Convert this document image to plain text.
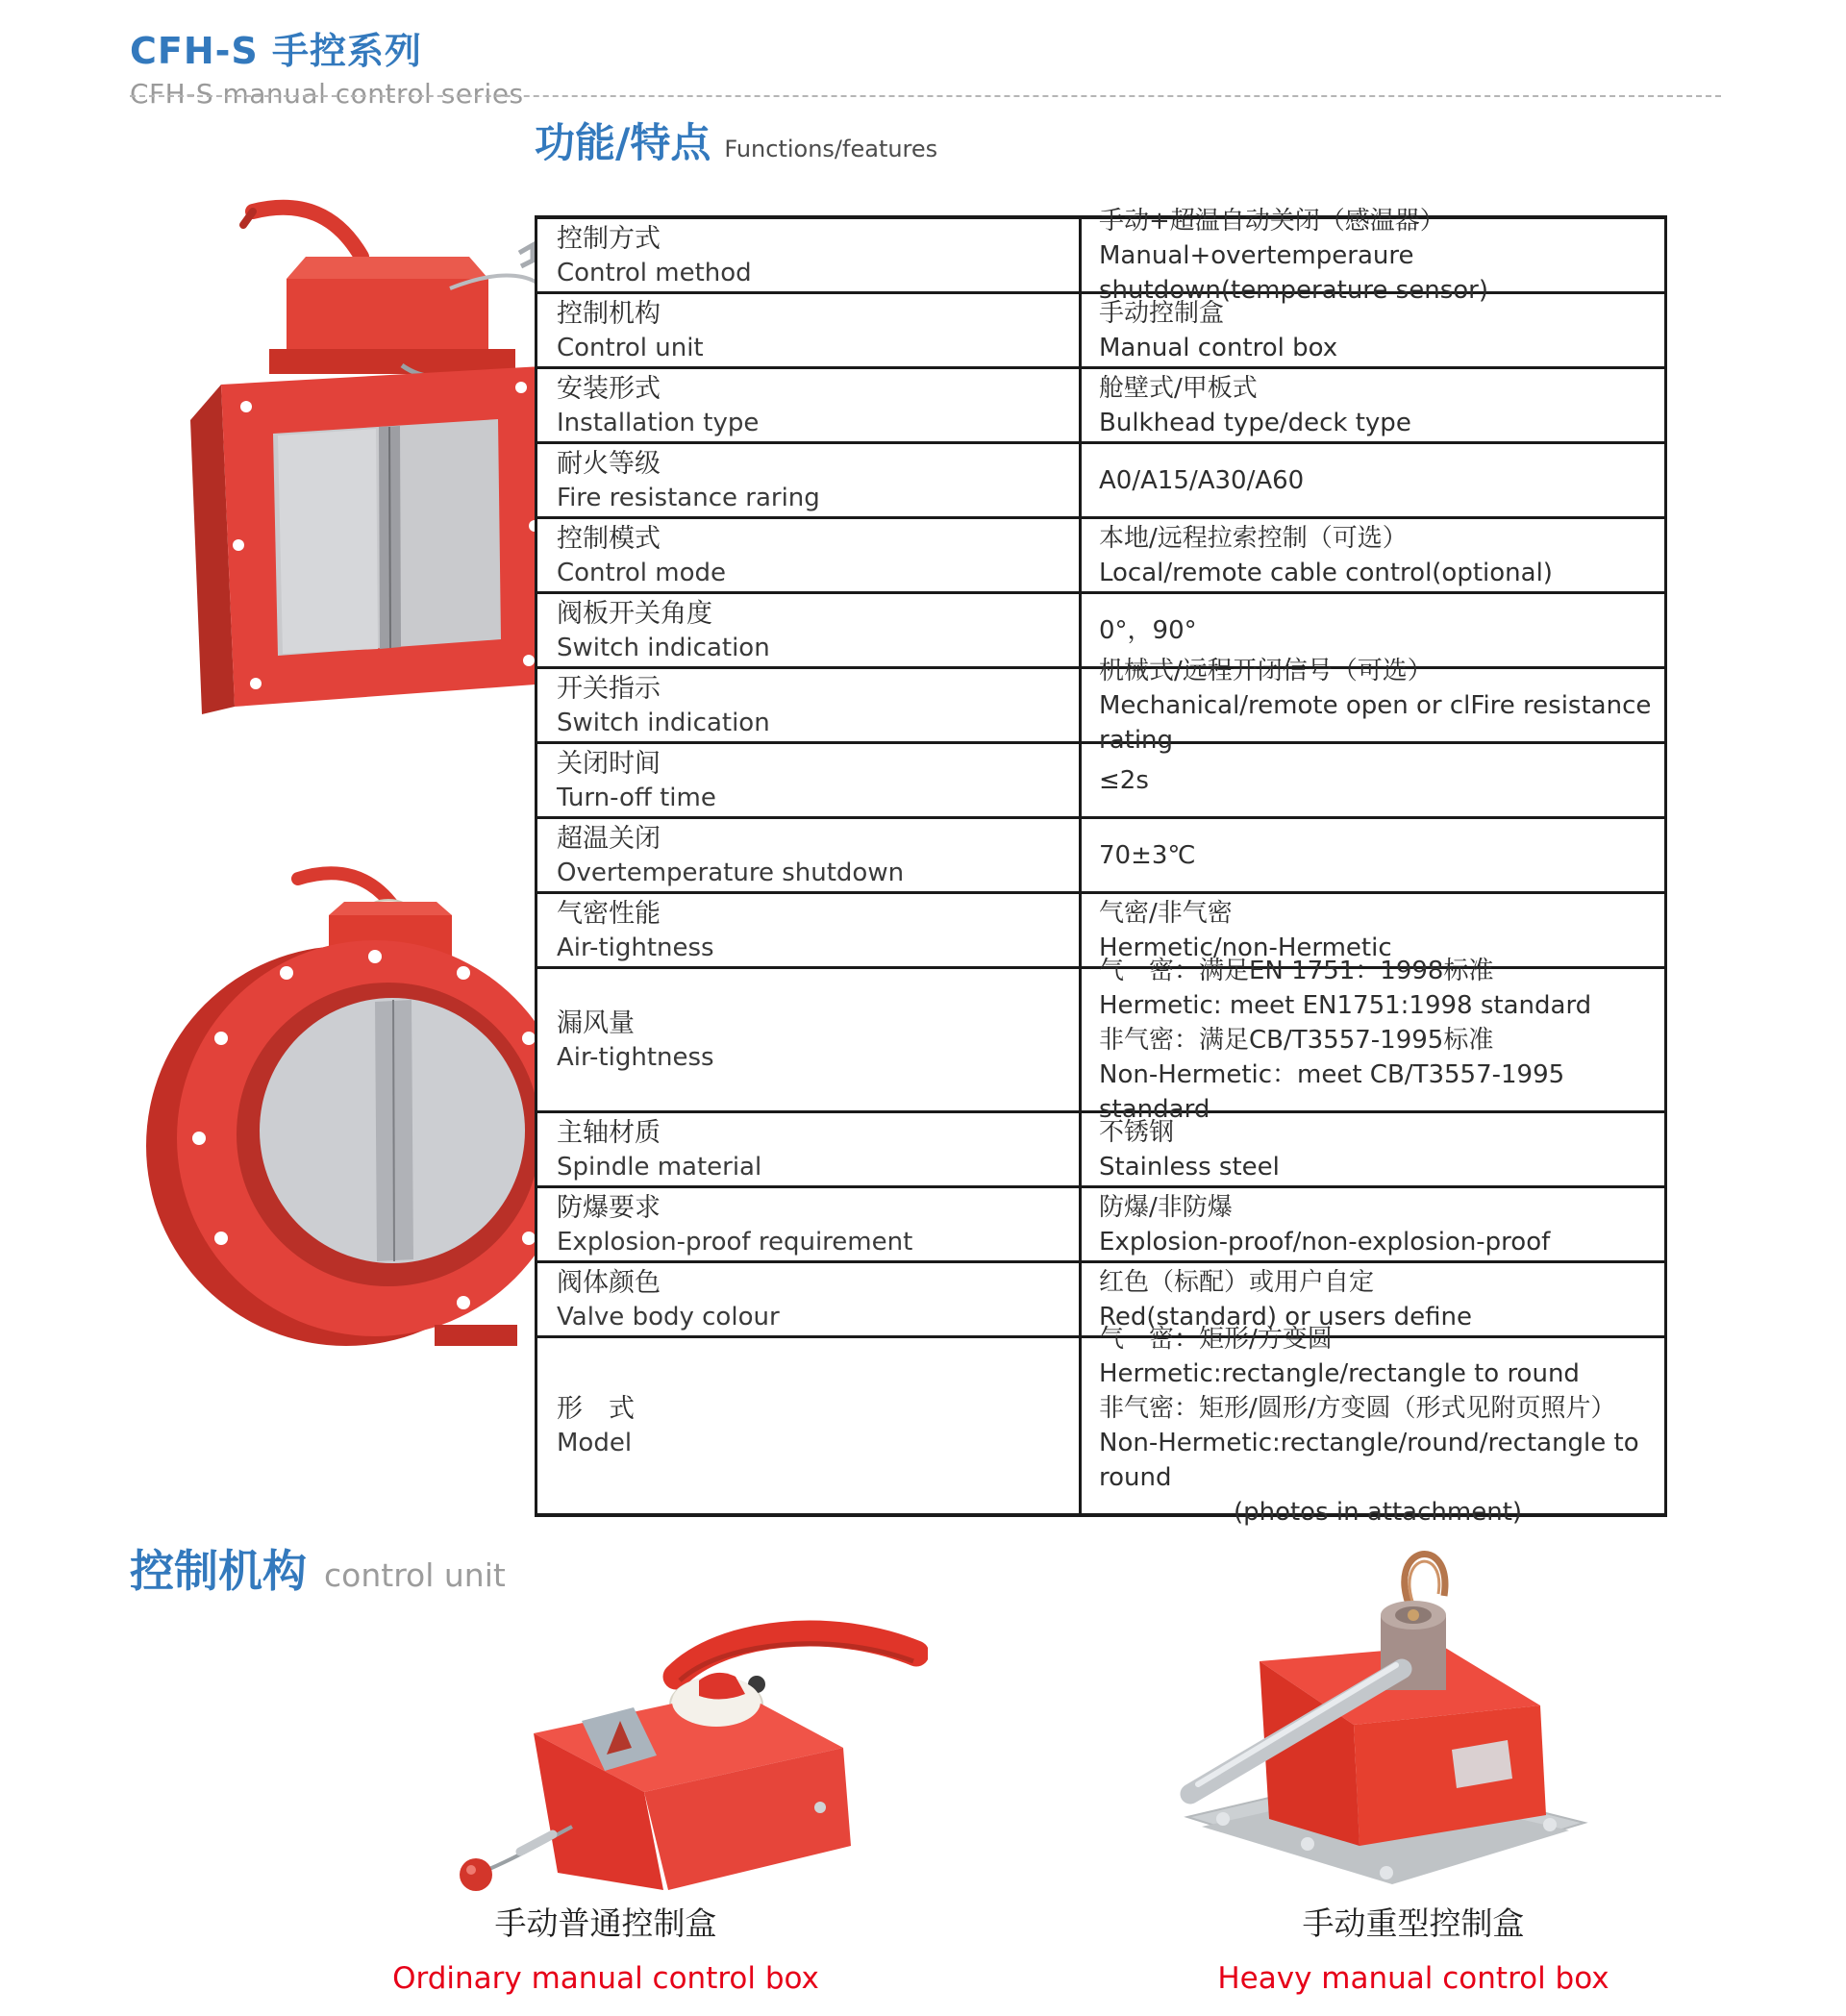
CFH-S 手控系列
CFH-S manual control series
功能/特点 Functions/features
控制方式
Control method
手动+超温自动关闭（感温器）
Manual+overtemperaure shutdown(temperature sensor)
控制机构
Control unit
手动控制盒
Manual control box
安装形式
Installation type
舱壁式/甲板式
Bulkhead type/deck type
耐火等级
Fire resistance raring
A0/A15/A30/A60
控制模式
Control mode
本地/远程拉索控制（可选）
Local/remote cable control(optional)
阀板开关角度
Switch indication
0°，90°
开关指示
Switch indication
机械式/远程开闭信号（可选）
Mechanical/remote open or clFire resistance rating
关闭时间
Turn-off time
≤2s
超温关闭
Overtemperature shutdown
70±3℃
气密性能
Air-tightness
气密/非气密
Hermetic/non-Hermetic
漏风量
Air-tightness
气　密：满足EN 1751：1998标准
Hermetic: meet EN1751:1998 standard
非气密：满足CB/T3557-1995标准
Non-Hermetic：meet CB/T3557-1995 standard
主轴材质
Spindle material
不锈钢
Stainless steel
防爆要求
Explosion-proof requirement
防爆/非防爆
Explosion-proof/non-explosion-proof
阀体颜色
Valve body colour
红色（标配）或用户自定
Red(standard) or users define
形　式
Model
气　密：矩形/方变圆
Hermetic:rectangle/rectangle to round
非气密：矩形/圆形/方变圆（形式见附页照片）
Non-Hermetic:rectangle/round/rectangle to round
(photos in attachment)
控制机构 control unit
手动普通控制盒
Ordinary manual control box
手动重型控制盒
Heavy manual control box
